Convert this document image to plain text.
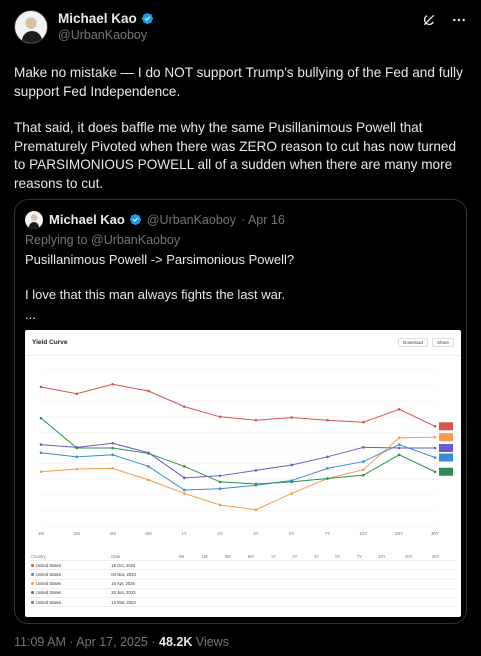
Michael Kao
@UrbanKaoboy

Make no mistake — I do NOT support Trump's bullying of the Fed and fully support Fed Independence.

That said, it does baffle me why the same Pusillanimous Powell that Prematurely Pivoted when there was ZERO reason to cut has now turned to PARSIMONIOUS POWELL all of a sudden when there are many more reasons to cut.

Michael Kao @UrbanKaoboy · Apr 16
Replying to @UrbanKaoboy

Pusillanimous Powell -> Parsimonious Powell?

I love that this man always fights the last war.

...

Yield Curve	Download	Share
1M	2M	3M	6M	1Y	2Y	3Y	5Y	7Y	10Y	20Y	30Y
Country	Date	6M	1M	3M	6M	1Y	2Y	3Y	5Y	7Y	10Y	20Y	30Y
United States	19 Oct, 2023												
United States	04 Nov, 2024												
United States	16 Apr, 2025												
United States	20 Jun, 2023												
United States	13 Mar, 2023												
11:09 AM · Apr 17, 2025 · 48.2K Views
